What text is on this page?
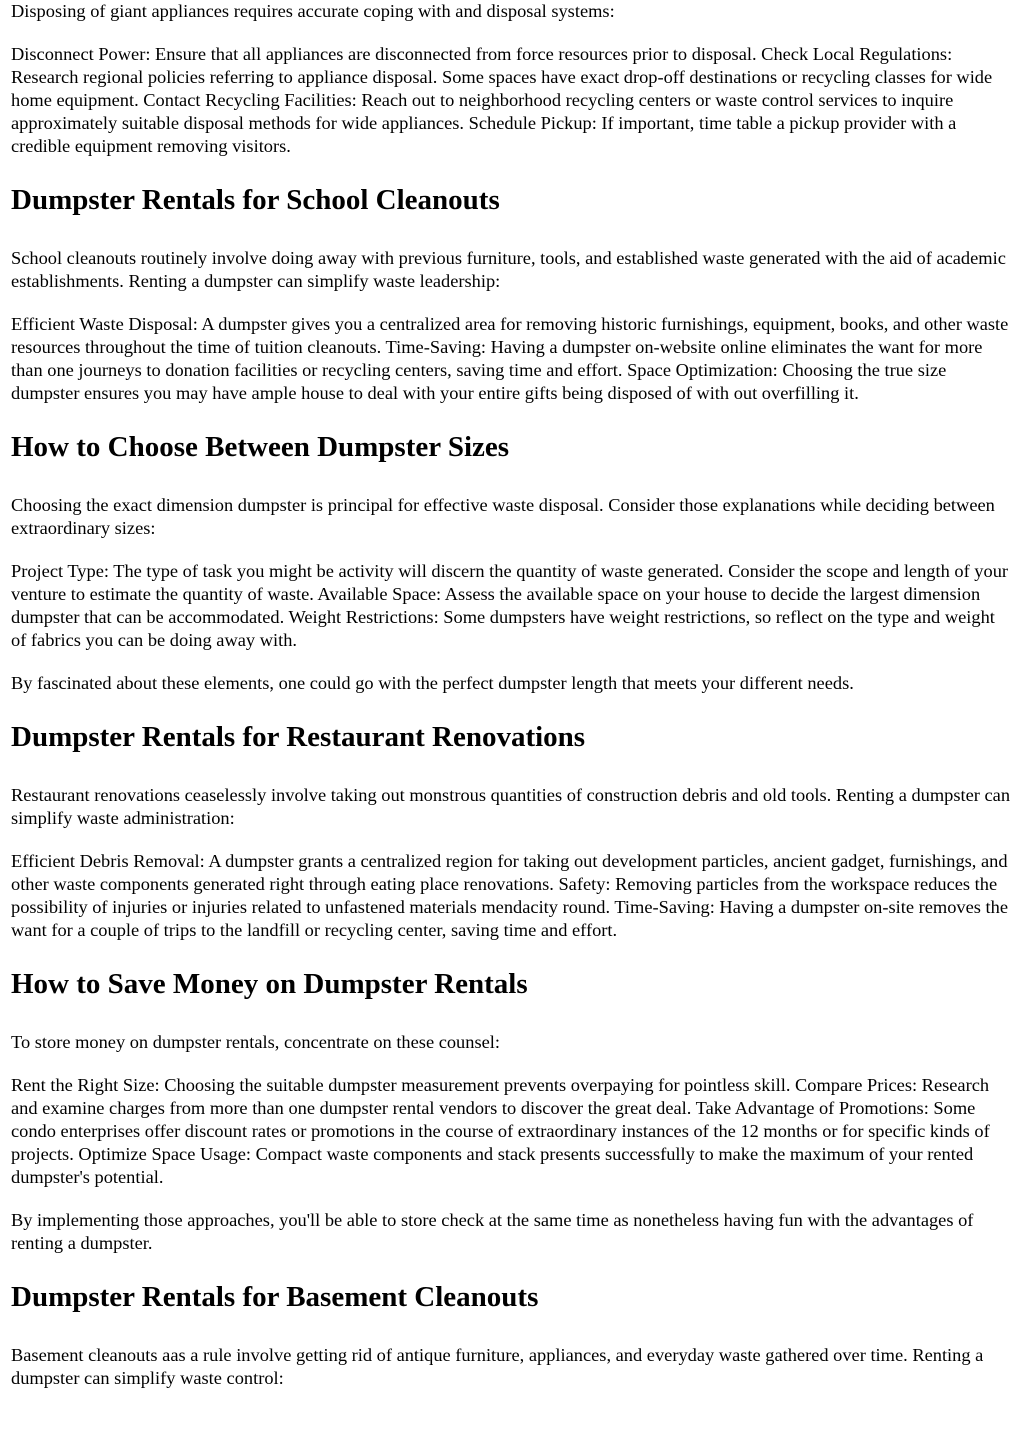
Disposing of giant appliances requires accurate coping with and disposal systems:

Disconnect Power: Ensure that all appliances are disconnected from force resources prior to disposal. Check Local Regulations: Research regional policies referring to appliance disposal. Some spaces have exact drop-off destinations or recycling classes for wide home equipment. Contact Recycling Facilities: Reach out to neighborhood recycling centers or waste control services to inquire approximately suitable disposal methods for wide appliances. Schedule Pickup: If important, time table a pickup provider with a credible equipment removing visitors.

Dumpster Rentals for School Cleanouts

School cleanouts routinely involve doing away with previous furniture, tools, and established waste generated with the aid of academic establishments. Renting a dumpster can simplify waste leadership:

Efficient Waste Disposal: A dumpster gives you a centralized area for removing historic furnishings, equipment, books, and other waste resources throughout the time of tuition cleanouts. Time-Saving: Having a dumpster on-website online eliminates the want for more than one journeys to donation facilities or recycling centers, saving time and effort. Space Optimization: Choosing the true size dumpster ensures you may have ample house to deal with your entire gifts being disposed of with out overfilling it.

How to Choose Between Dumpster Sizes

Choosing the exact dimension dumpster is principal for effective waste disposal. Consider those explanations while deciding between extraordinary sizes:

Project Type: The type of task you might be activity will discern the quantity of waste generated. Consider the scope and length of your venture to estimate the quantity of waste. Available Space: Assess the available space on your house to decide the largest dimension dumpster that can be accommodated. Weight Restrictions: Some dumpsters have weight restrictions, so reflect on the type and weight of fabrics you can be doing away with.

By fascinated about these elements, one could go with the perfect dumpster length that meets your different needs.

Dumpster Rentals for Restaurant Renovations

Restaurant renovations ceaselessly involve taking out monstrous quantities of construction debris and old tools. Renting a dumpster can simplify waste administration:

Efficient Debris Removal: A dumpster grants a centralized region for taking out development particles, ancient gadget, furnishings, and other waste components generated right through eating place renovations. Safety: Removing particles from the workspace reduces the possibility of injuries or injuries related to unfastened materials mendacity round. Time-Saving: Having a dumpster on-site removes the want for a couple of trips to the landfill or recycling center, saving time and effort.

How to Save Money on Dumpster Rentals

To store money on dumpster rentals, concentrate on these counsel:

Rent the Right Size: Choosing the suitable dumpster measurement prevents overpaying for pointless skill. Compare Prices: Research and examine charges from more than one dumpster rental vendors to discover the great deal. Take Advantage of Promotions: Some condo enterprises offer discount rates or promotions in the course of extraordinary instances of the 12 months or for specific kinds of projects. Optimize Space Usage: Compact waste components and stack presents successfully to make the maximum of your rented dumpster's potential.

By implementing those approaches, you'll be able to store check at the same time as nonetheless having fun with the advantages of renting a dumpster.

Dumpster Rentals for Basement Cleanouts

Basement cleanouts aas a rule involve getting rid of antique furniture, appliances, and everyday waste gathered over time. Renting a dumpster can simplify waste control:
